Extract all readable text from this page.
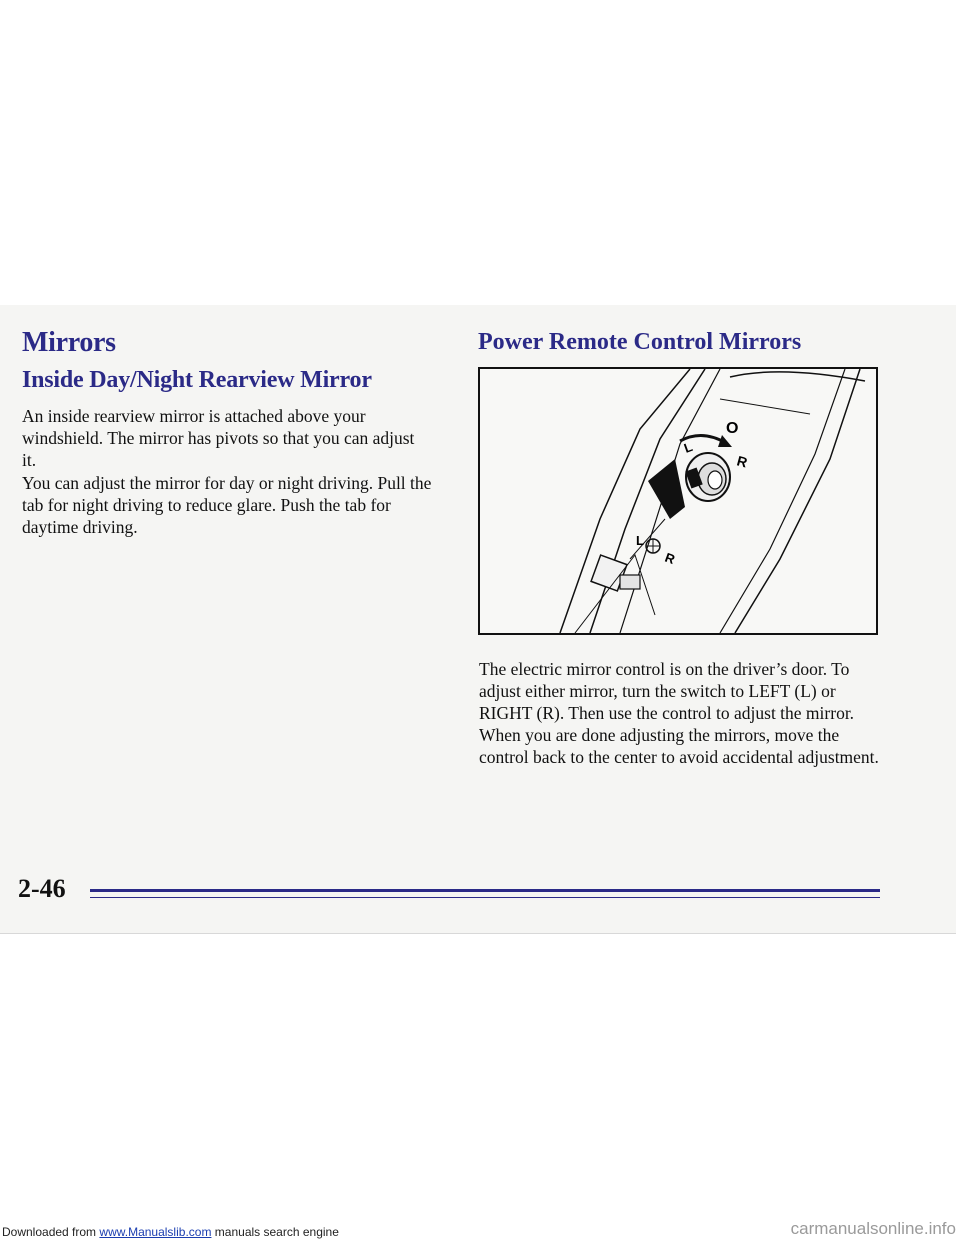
Mirrors
Inside Day/Night Rearview Mirror

An inside rearview mirror is attached above your windshield. The mirror has pivots so that you can adjust it.

You can adjust the mirror for day or night driving. Pull the tab for night driving to reduce glare. Push the tab for daytime driving.

Power Remote Control Mirrors
O
L
R
L
R

The electric mirror control is on the driver’s door. To adjust either mirror, turn the switch to LEFT (L) or RIGHT (R). Then use the control to adjust the mirror. When you are done adjusting the mirrors, move the control back to the center to avoid accidental adjustment.

2-46
Downloaded from www.Manualslib.com manuals search engine	carmanualsonline.info
